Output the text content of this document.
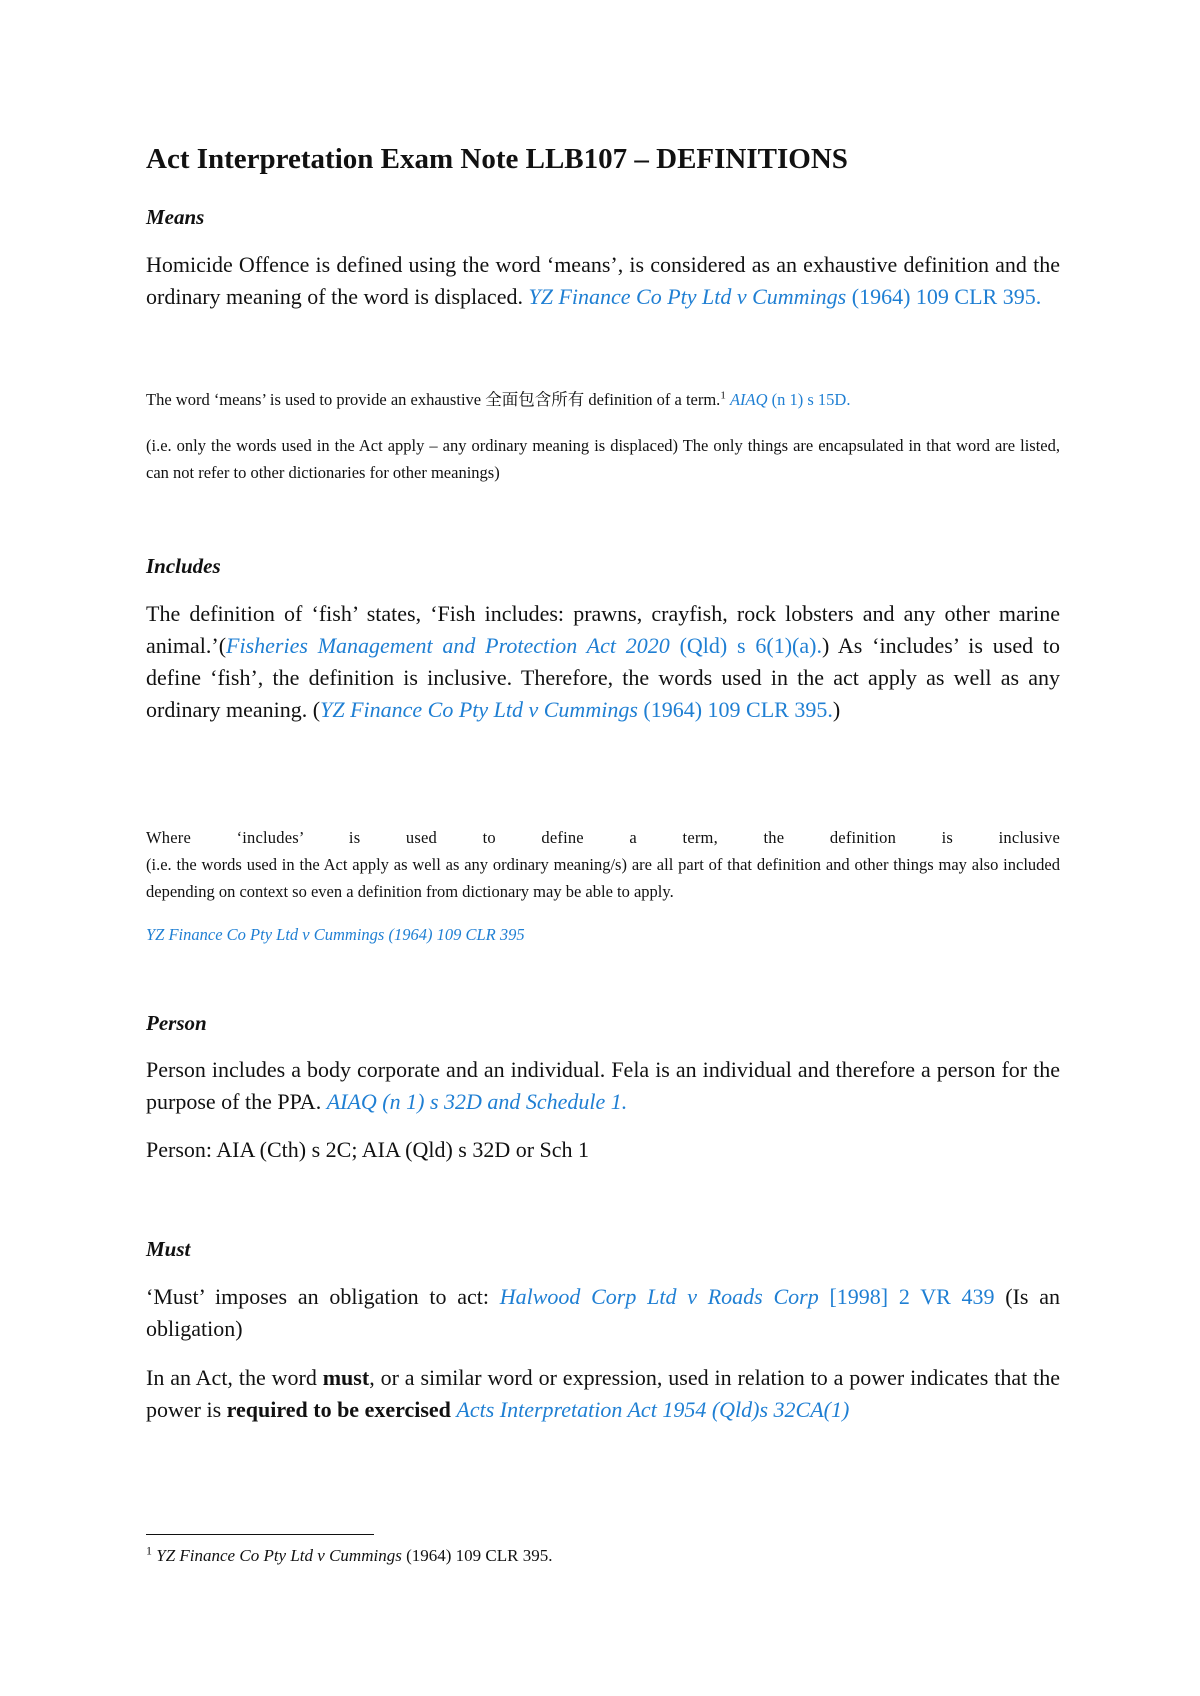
Act Interpretation Exam Note LLB107 – DEFINITIONS
Means

Homicide Offence is defined using the word ‘means’, is considered as an exhaustive definition and the ordinary meaning of the word is displaced. YZ Finance Co Pty Ltd v Cummings (1964) 109 CLR 395.

The word ‘means’ is used to provide an exhaustive 全面包含所有 definition of a term.$^1$ AIAQ (n 1) s 15D.

(i.e. only the words used in the Act apply – any ordinary meaning is displaced) The only things are encapsulated in that word are listed, can not refer to other dictionaries for other meanings)

Includes

The definition of ‘fish’ states, ‘Fish includes: prawns, crayfish, rock lobsters and any other marine animal.’(Fisheries Management and Protection Act 2020 (Qld) s 6(1)(a).) As ‘includes’ is used to define ‘fish’, the definition is inclusive. Therefore, the words used in the act apply as well as any ordinary meaning. (YZ Finance Co Pty Ltd v Cummings (1964) 109 CLR 395.)

Where ‘includes’ is used to define a term, the definition is inclusive

(i.e. the words used in the Act apply as well as any ordinary meaning/s) are all part of that definition and other things may also included depending on context so even a definition from dictionary may be able to apply.

YZ Finance Co Pty Ltd v Cummings (1964) 109 CLR 395

Person

Person includes a body corporate and an individual. Fela is an individual and therefore a person for the purpose of the PPA. AIAQ (n 1) s 32D and Schedule 1.

Person: AIA (Cth) s 2C; AIA (Qld) s 32D or Sch 1

Must

‘Must’ imposes an obligation to act: Halwood Corp Ltd v Roads Corp [1998] 2 VR 439 (Is an obligation)

In an Act, the word must, or a similar word or expression, used in relation to a power indicates that the power is required to be exercised Acts Interpretation Act 1954 (Qld)s 32CA(1)

$^1$ YZ Finance Co Pty Ltd v Cummings (1964) 109 CLR 395.
